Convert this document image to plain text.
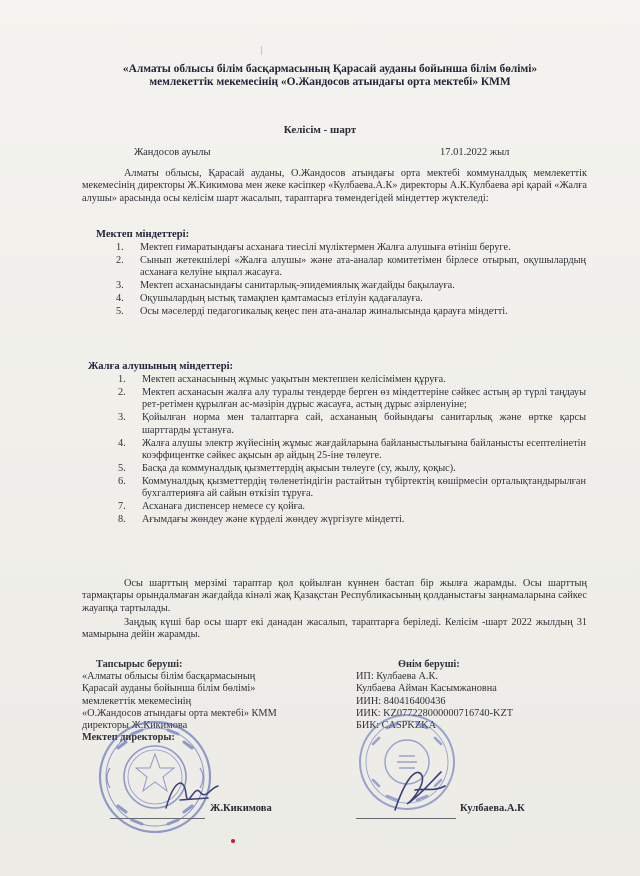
«Алматы облысы білім басқармасының Қарасай ауданы бойынша білім бөлімі»
мемлекеттік мекемесінің «О.Жандосов атындағы орта мектебі» КММ
Келісім - шарт
Жандосов ауылы	17.01.2022 жыл
Алматы облысы, Қарасай ауданы, О.Жандосов атындағы орта мектебі коммуналдық мемлекеттік мекемесінің директоры Ж.Кикимова мен жеке кәсіпкер «Кулбаева.А.К» директоры А.К.Кулбаева әрі қарай «Жалға алушы» арасында осы келісім шарт жасалып, тараптарға төмендегідей міндеттер жүктеледі:
Мектеп міндеттері:
1.	Мектеп ғимаратындағы асханаға тиесілі мүліктермен Жалға алушыға өтініш беруге.
2.	Сынып жетекшілері «Жалға алушы» және ата-аналар комитетімен бірлесе отырып, оқушылардың асханаға келуіне ықпал жасауға.
3.	Мектеп асханасындағы санитарлық-эпидемиялық жағдайды бақылауға.
4.	Оқушылардың ыстық тамақпен қамтамасыз етілуін қадағалауға.
5.	Осы мәселерді педагогикалық кеңес пен ата-аналар жиналысында қарауға міндетті.
Жалға алушының міндеттері:
1.	Мектеп асханасының жұмыс уақытын мектеппен келісімімен құруға.
2.	Мектеп асханасын жалға алу туралы тендерде берген өз міндеттеріне сәйкес астың әр түрлі таңдауы рет-ретімен құрылған ас-мәзірін дұрыс жасауға, астың дұрыс әзірленуіне;
3.	Қойылған норма мен талаптарға сай, асхананың бойындағы санитарлық және өртке қарсы шарттарды ұстануға.
4.	Жалға алушы электр жүйесінің жұмыс жағдайларына байланыстылығына байланысты есептелінетін коэффицентке сәйкес ақысын әр айдың 25-іне төлеуге.
5.	Басқа да коммуналдық қызметтердің ақысын төлеуге (су, жылу, қоқыс).
6.	Коммуналдық қызметтердің төленетіндігін растайтын түбіртектің көшірмесін орталықтандырылған бухгалтерияға ай сайын өткізіп тұруға.
7.	Асханаға диспенсер немесе су қойға.
8.	Ағымдағы жөндеу және күрделі жөндеу жүргізуге міндетті.
Осы шарттың мерзімі тараптар қол қойылған күннен бастап бір жылға жарамды. Осы шарттың тармақтары орындалмаған жағдайда кінәлі жақ Қазақстан Республикасының қолданыстағы заңнамаларына сәйкес жауапқа тартылады.
Заңдық күші бар осы шарт екі данадан жасалып, тараптарға беріледі. Келісім -шарт 2022 жылдың 31 мамырына дейін жарамды.
Тапсырыс беруші:
«Алматы облысы білім басқармасының
Қарасай ауданы бойынша білім бөлімі»
мемлекеттік мекемесінің
«О.Жандосов атындағы орта мектебі» КММ
директоры Ж.Кикимова
Мектеп директоры:
Өнім беруші:
ИП: Кулбаева А.К.
Кулбаева Айман Касымжановна
ИИН: 840416400436
ИИК: KZ077228000000716740-KZT
БИК: CASPKZKA
Ж.Кикимова	Кулбаева.А.К
